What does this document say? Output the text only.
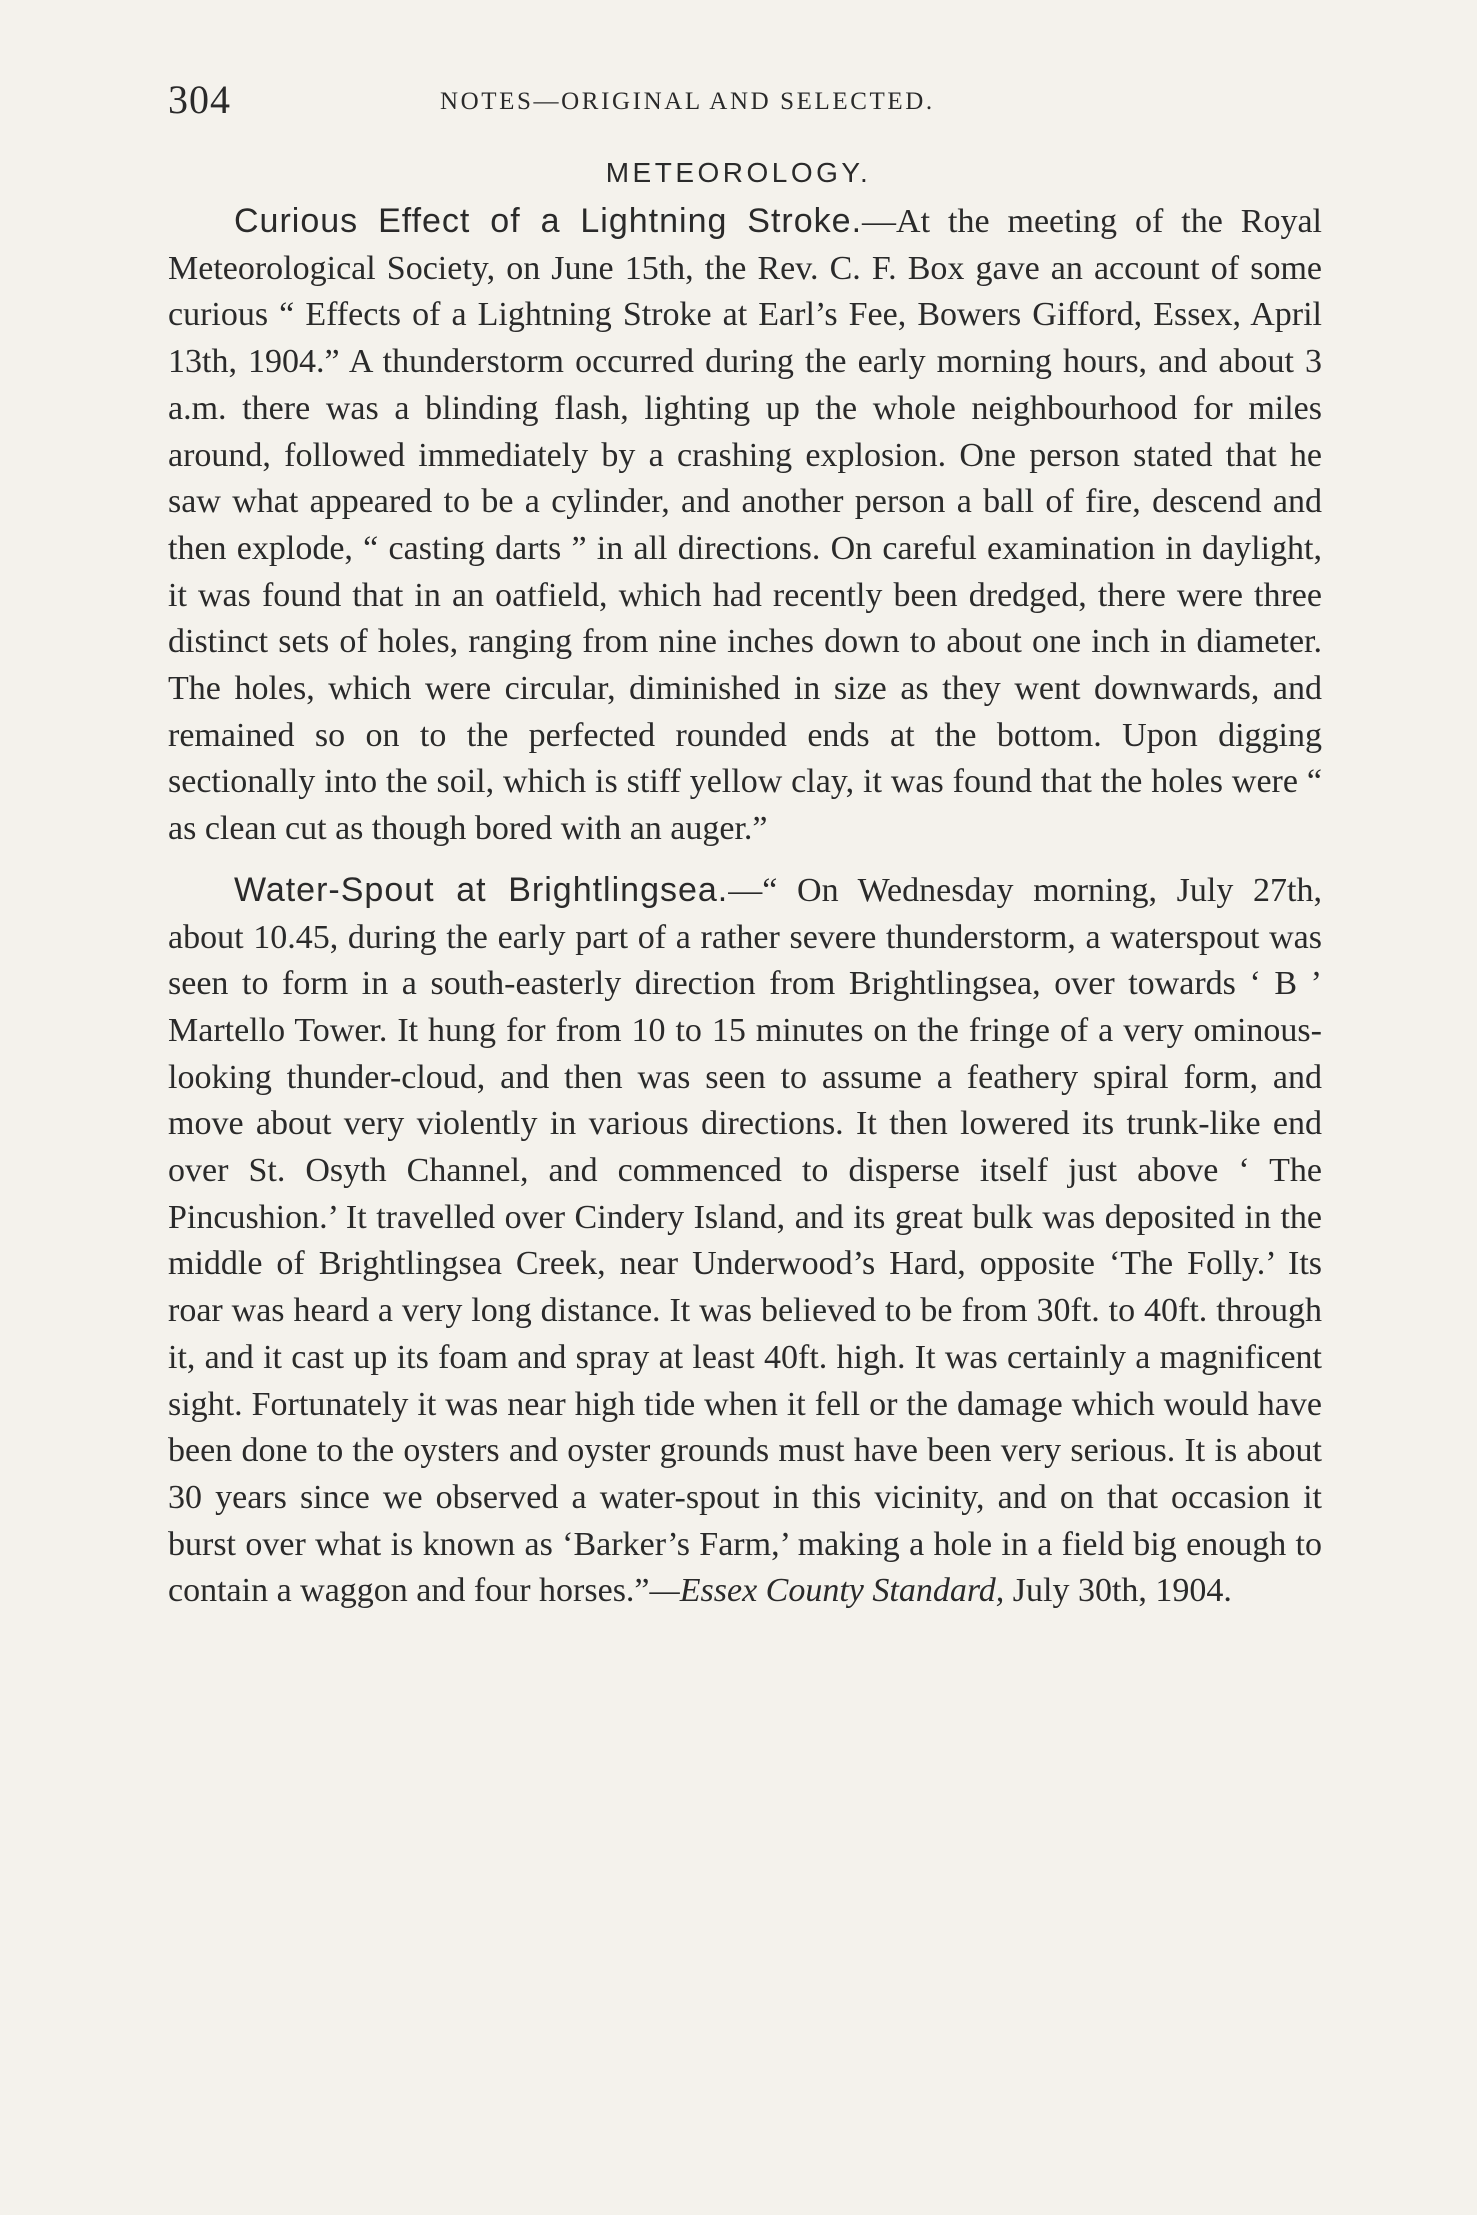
304	NOTES—ORIGINAL AND SELECTED.
METEOROLOGY.

Curious Effect of a Lightning Stroke.—At the meeting of the Royal Meteorological Society, on June 15th, the Rev. C. F. Box gave an account of some curious “ Effects of a Lightning Stroke at Earl’s Fee, Bowers Gifford, Essex, April 13th, 1904.” A thunderstorm occurred during the early morning hours, and about 3 a.m. there was a blinding flash, lighting up the whole neighbourhood for miles around, followed immediately by a crashing explosion. One person stated that he saw what appeared to be a cylinder, and another person a ball of fire, descend and then explode, “ casting darts ” in all directions. On careful examination in daylight, it was found that in an oatfield, which had recently been dredged, there were three distinct sets of holes, ranging from nine inches down to about one inch in diameter. The holes, which were circular, diminished in size as they went downwards, and remained so on to the perfected rounded ends at the bottom. Upon digging sectionally into the soil, which is stiff yellow clay, it was found that the holes were “ as clean cut as though bored with an auger.”

Water-Spout at Brightlingsea.—“ On Wednesday morning, July 27th, about 10.45, during the early part of a rather severe thunderstorm, a waterspout was seen to form in a south-easterly direction from Brightlingsea, over towards ‘ B ’ Martello Tower. It hung for from 10 to 15 minutes on the fringe of a very ominous-looking thunder-cloud, and then was seen to assume a feathery spiral form, and move about very violently in various directions. It then lowered its trunk-like end over St. Osyth Channel, and commenced to disperse itself just above ‘ The Pincushion.’ It travelled over Cindery Island, and its great bulk was deposited in the middle of Brightlingsea Creek, near Underwood’s Hard, opposite ‘The Folly.’ Its roar was heard a very long distance. It was believed to be from 30ft. to 40ft. through it, and it cast up its foam and spray at least 40ft. high. It was certainly a magnificent sight. Fortunately it was near high tide when it fell or the damage which would have been done to the oysters and oyster grounds must have been very serious. It is about 30 years since we observed a water-spout in this vicinity, and on that occasion it burst over what is known as ‘Barker’s Farm,’ making a hole in a field big enough to contain a waggon and four horses.”—Essex County Standard, July 30th, 1904.
